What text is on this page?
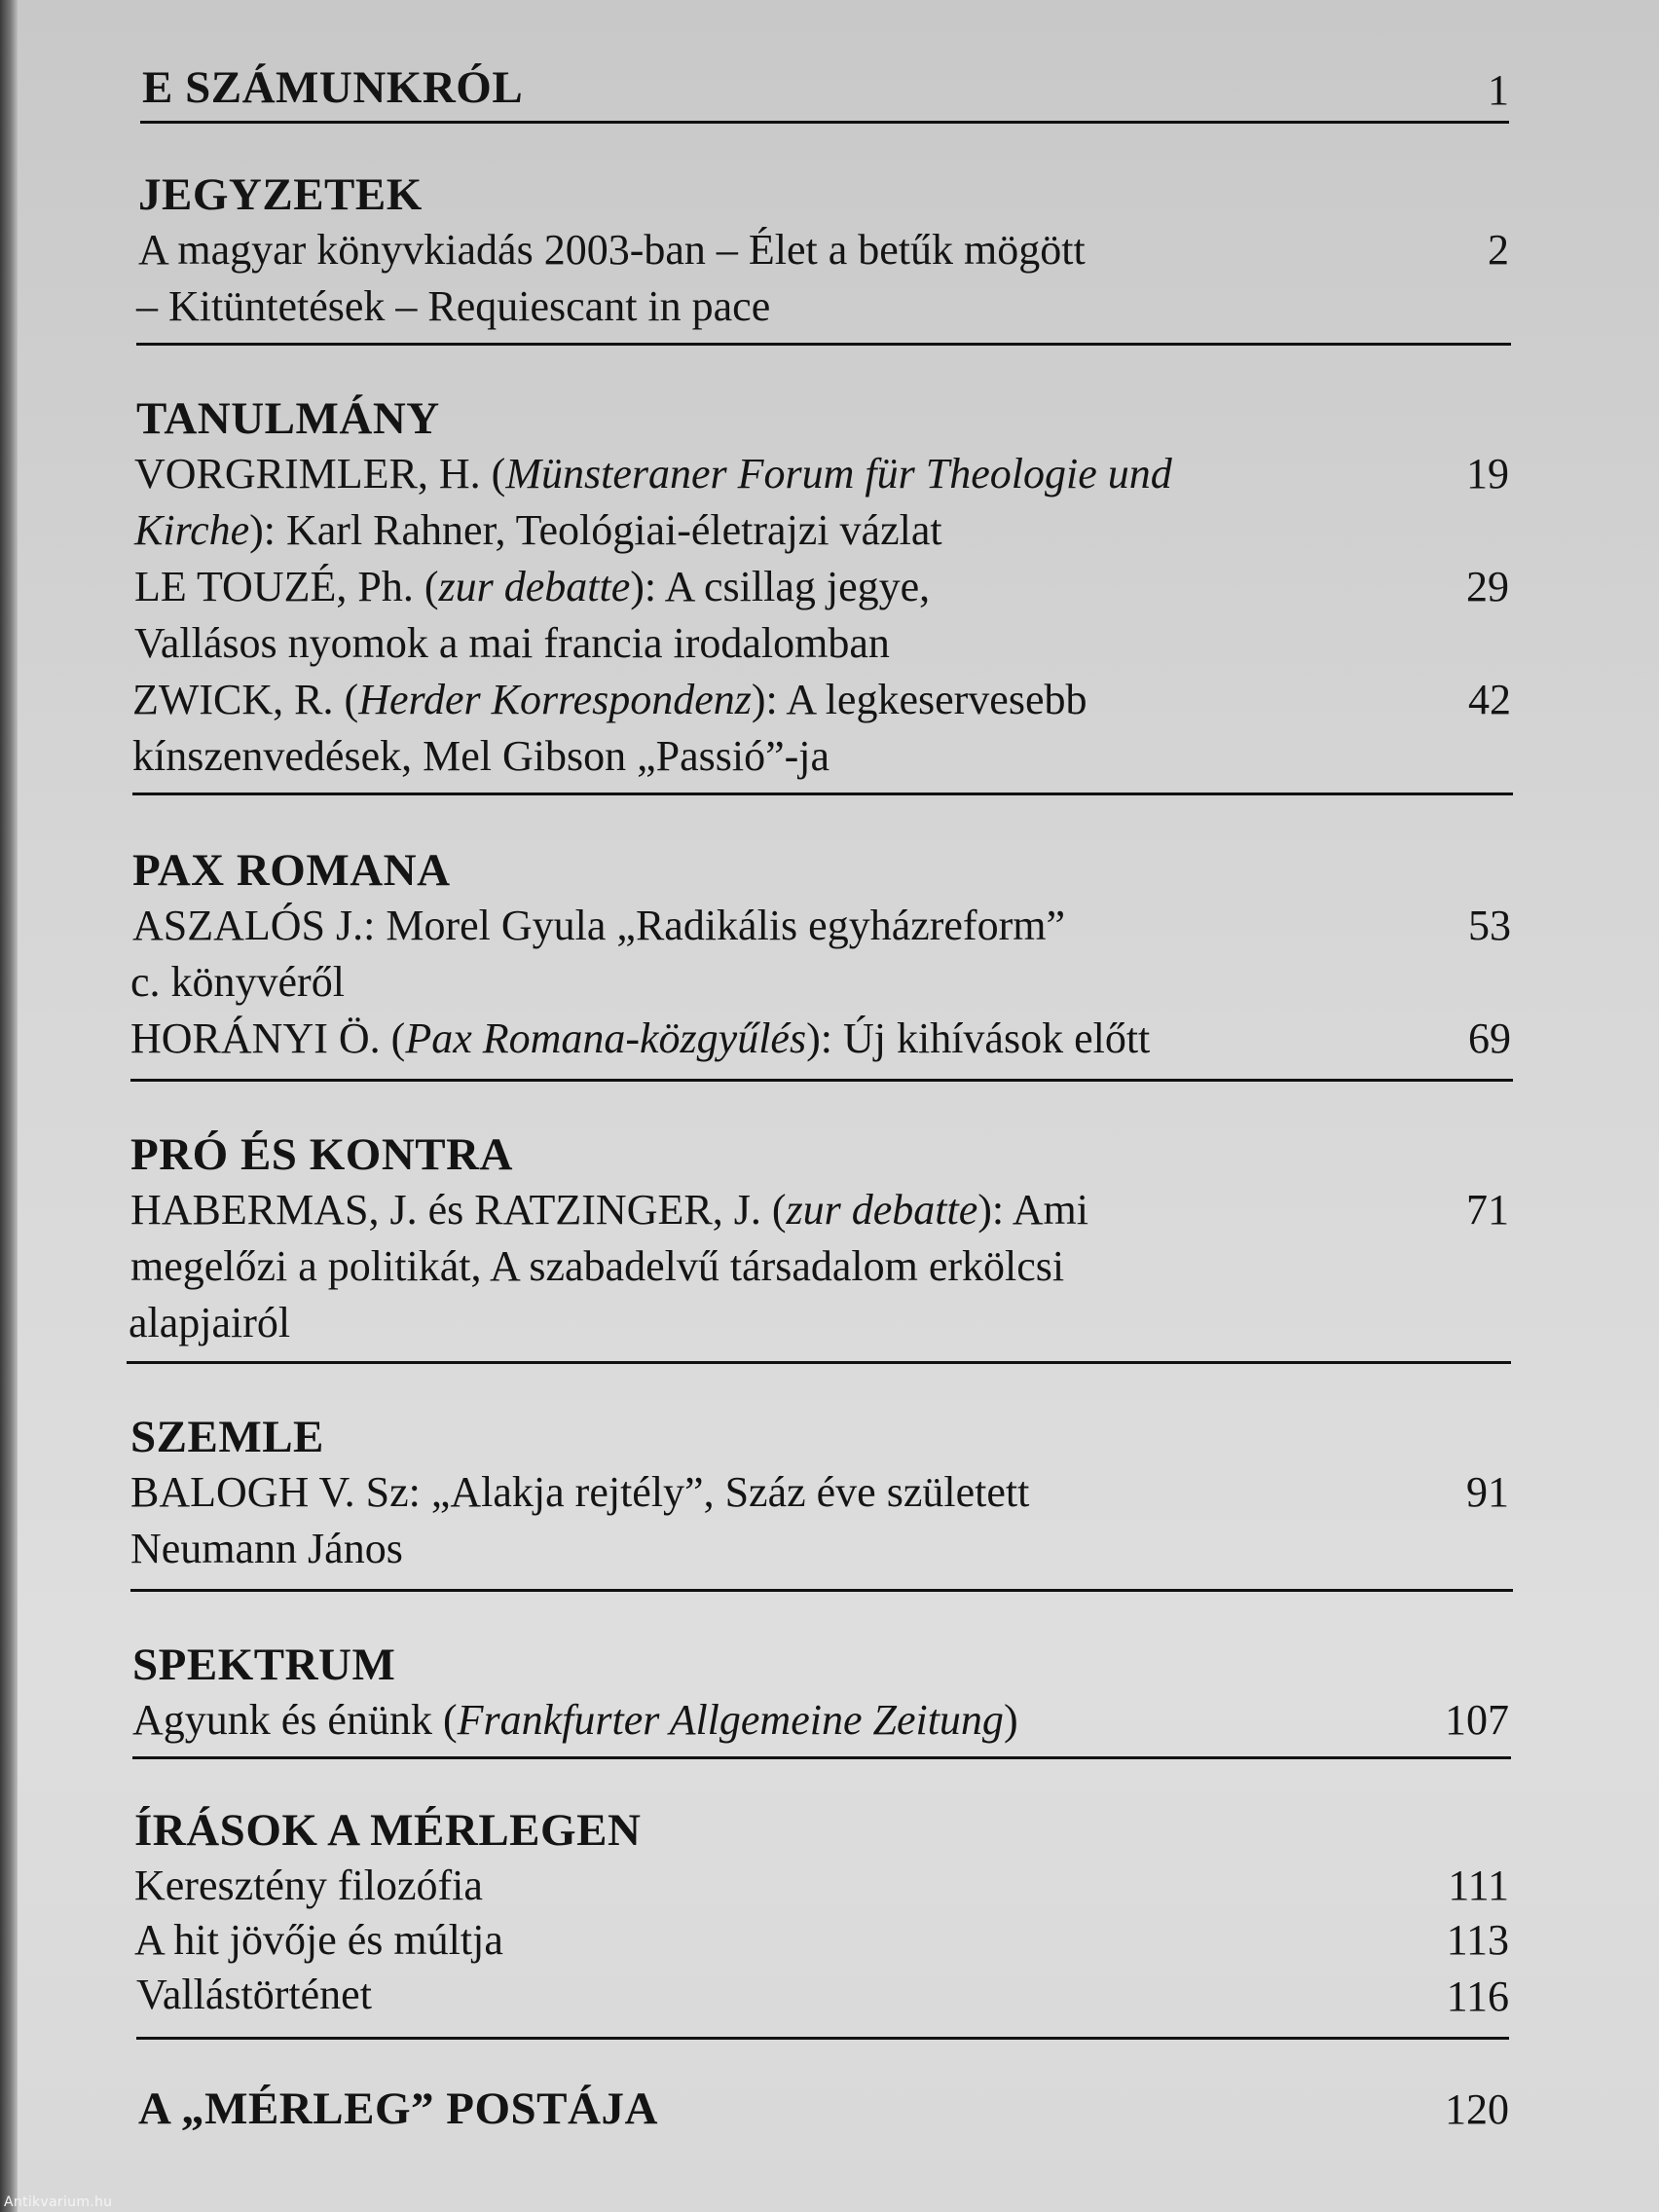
E SZÁMUNKRÓL	1
JEGYZETEK
A magyar könyvkiadás 2003-ban – Élet a betűk mögött	2
– Kitüntetések – Requiescant in pace
TANULMÁNY
VORGRIMLER, H. (Münsteraner Forum für Theologie und	19
Kirche): Karl Rahner, Teológiai-életrajzi vázlat
LE TOUZÉ, Ph. (zur debatte): A csillag jegye,	29
Vallásos nyomok a mai francia irodalomban
ZWICK, R. (Herder Korrespondenz): A legkeservesebb	42
kínszenvedések, Mel Gibson „Passió”-ja
PAX ROMANA
ASZALÓS J.: Morel Gyula „Radikális egyházreform”	53
c. könyvéről
HORÁNYI Ö. (Pax Romana-közgyűlés): Új kihívások előtt	69
PRÓ ÉS KONTRA
HABERMAS, J. és RATZINGER, J. (zur debatte): Ami	71
megelőzi a politikát, A szabadelvű társadalom erkölcsi
alapjairól
SZEMLE
BALOGH V. Sz: „Alakja rejtély”, Száz éve született	91
Neumann János
SPEKTRUM
Agyunk és énünk (Frankfurter Allgemeine Zeitung)	107
ÍRÁSOK A MÉRLEGEN
Keresztény filozófia	111
A hit jövője és múltja	113
Vallástörténet	116
A „MÉRLEG” POSTÁJA	120
Antikvarium.hu
